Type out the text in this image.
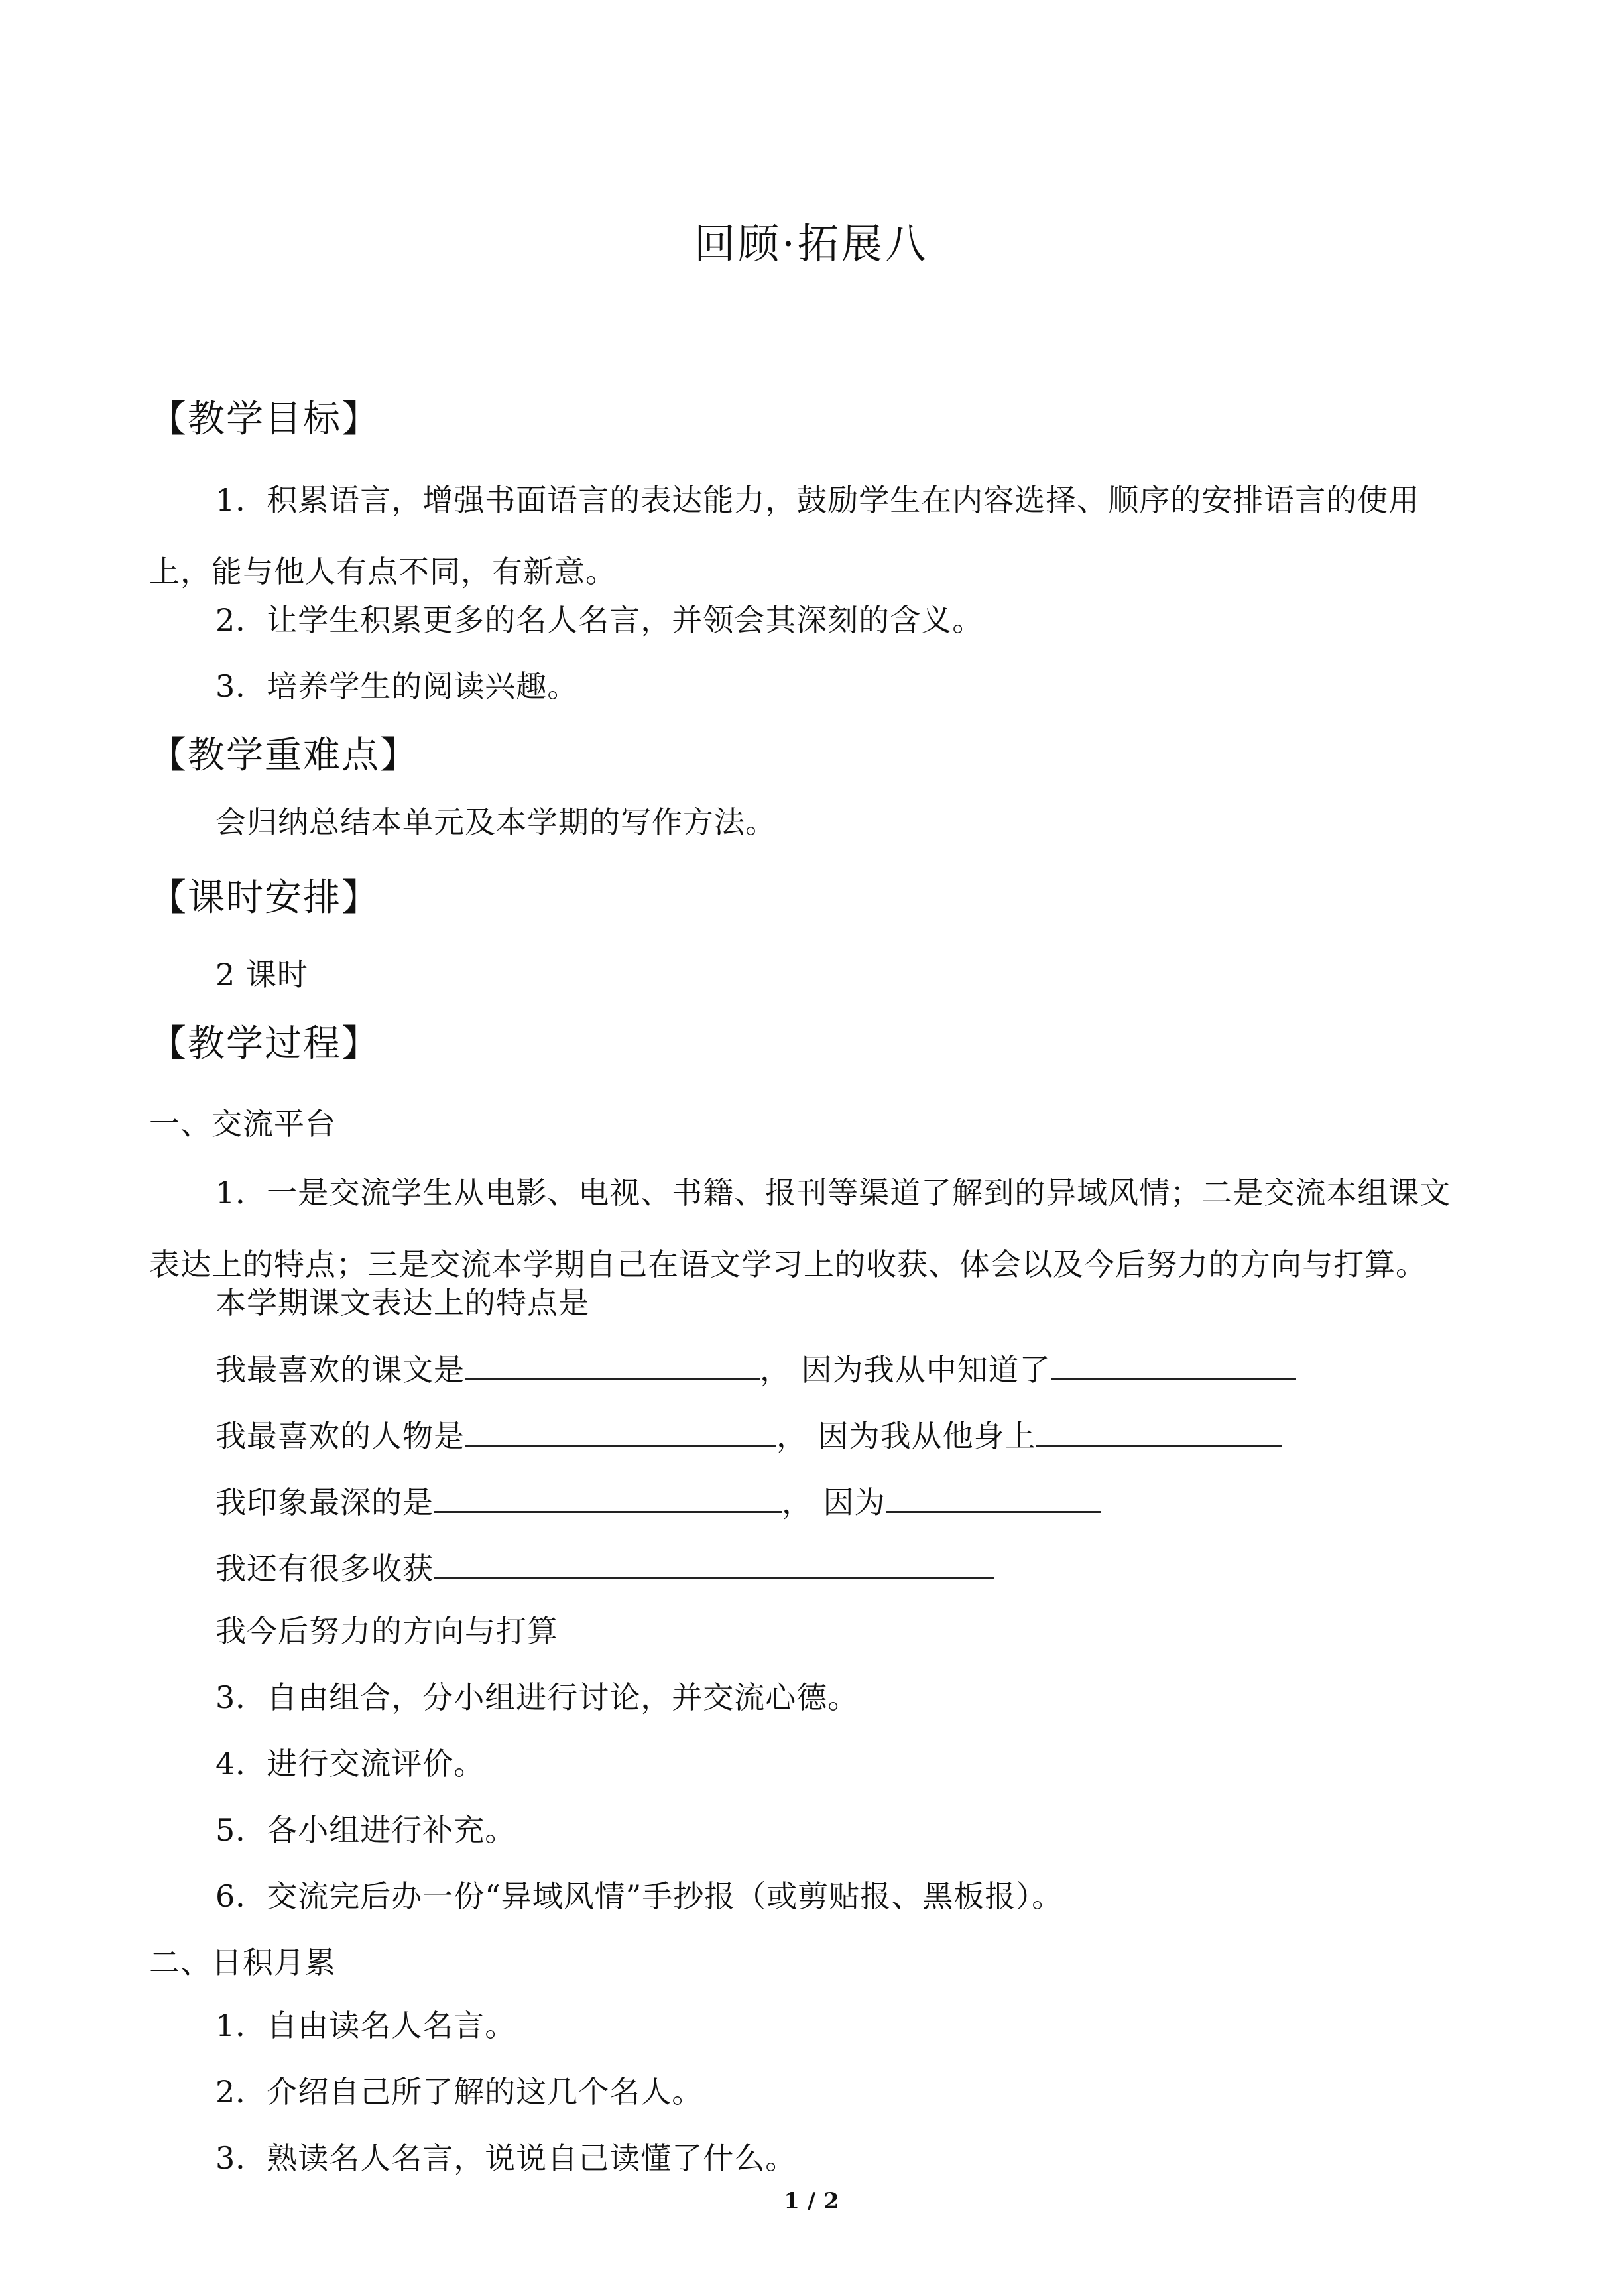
回顾·拓展八
【教学目标】
1．积累语言，增强书面语言的表达能力，鼓励学生在内容选择、顺序的安排语言的使用上，能与他人有点不同，有新意。
2．让学生积累更多的名人名言，并领会其深刻的含义。
3．培养学生的阅读兴趣。
【教学重难点】
会归纳总结本单元及本学期的写作方法。
【课时安排】
2 课时
【教学过程】
一、交流平台
1．一是交流学生从电影、电视、书籍、报刊等渠道了解到的异域风情；二是交流本组课文表达上的特点；三是交流本学期自己在语文学习上的收获、体会以及今后努力的方向与打算。
本学期课文表达上的特点是
我最喜欢的课文是	， 因为我从中知道了
我最喜欢的人物是	， 因为我从他身上
我印象最深的是	， 因为
我还有很多收获
我今后努力的方向与打算
3．自由组合，分小组进行讨论，并交流心德。
4．进行交流评价。
5．各小组进行补充。
6．交流完后办一份“异域风情”手抄报（或剪贴报、黑板报）。
二、日积月累
1．自由读名人名言。
2．介绍自己所了解的这几个名人。
3．熟读名人名言，说说自己读懂了什么。
1 / 2
